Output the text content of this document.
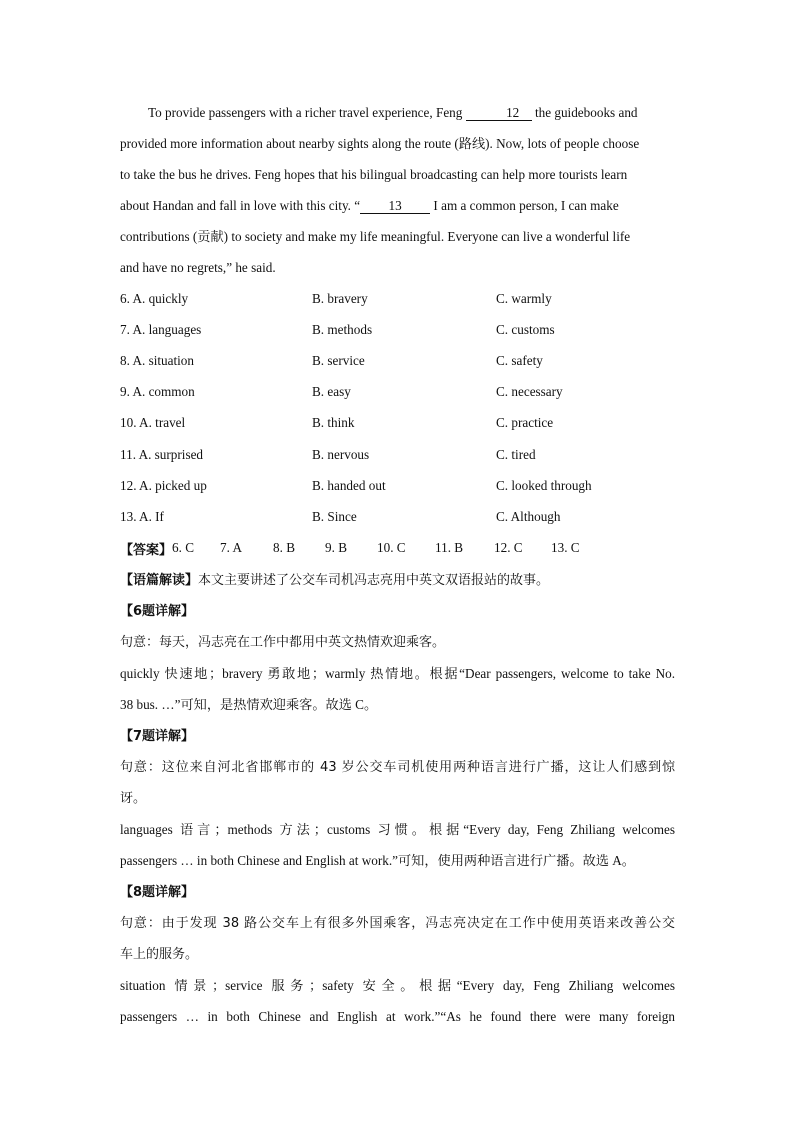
To provide passengers with a richer travel experience, Feng	12 the guidebooks and

provided more information about nearby sights along the route (路线). Now, lots of people choose

to take the bus he drives. Feng hopes that his bilingual broadcasting can help more tourists learn

about Handan and fall in love with this city. “ 13 I am a common person, I can make

contributions (贡献) to society and make my life meaningful. Everyone can live a wonderful life

and have no regrets,” he said.

6. A. quickly	B. bravery	C. warmly
7. A. languages	B. methods	C. customs
8. A. situation	B. service	C. safety
9. A. common	B. easy	C. necessary
10. A. travel	B. think	C. practice
11. A. surprised	B. nervous	C. tired
12. A. picked up	B. handed out	C. looked through
13. A. If	B. Since	C. Although
【答案】 6. C	7. A	8. B	9. B	10. C	11. B	12. C	13. C

【语篇解读】本文主要讲述了公交车司机冯志亮用中英文双语报站的故事。

【6题详解】

句意：每天，冯志亮在工作中都用中英文热情欢迎乘客。

quickly 快速地；bravery 勇敢地；warmly 热情地。根据“Dear passengers, welcome to take No.

38 bus. …”可知，是热情欢迎乘客。故选 C。

【7题详解】

句意：这位来自河北省邯郸市的 43 岁公交车司机使用两种语言进行广播，这让人们感到惊

讶。

languages 语言；methods 方法；customs 习惯。根据“Every day, Feng Zhiliang welcomes

passengers … in both Chinese and English at work.”可知，使用两种语言进行广播。故选 A。

【8题详解】

句意：由于发现 38 路公交车上有很多外国乘客，冯志亮决定在工作中使用英语来改善公交

车上的服务。

situation 情景；service 服务；safety 安全。根据“Every day, Feng Zhiliang welcomes

passengers … in both Chinese and English at work.”“As he found there were many foreign
